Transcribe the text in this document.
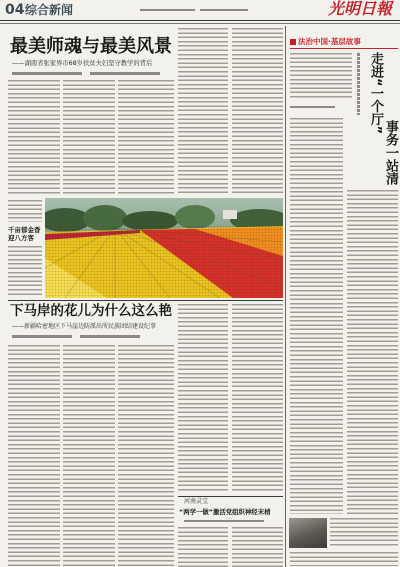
04 综合新闻	光明日報
最美师魂与最美风景
——湖南省张家界市68岁扶贫夫妇坚守教学的背后
千亩郁金香迎八方客
下马岸的花儿为什么这么艳
——新疆哈密地区下马崖边防派出所民族团结建设纪事
河南灵宝
“两学一做”激活党组织神经末梢
法治中国·基层故事
走进“一个厅”
事务一站清
